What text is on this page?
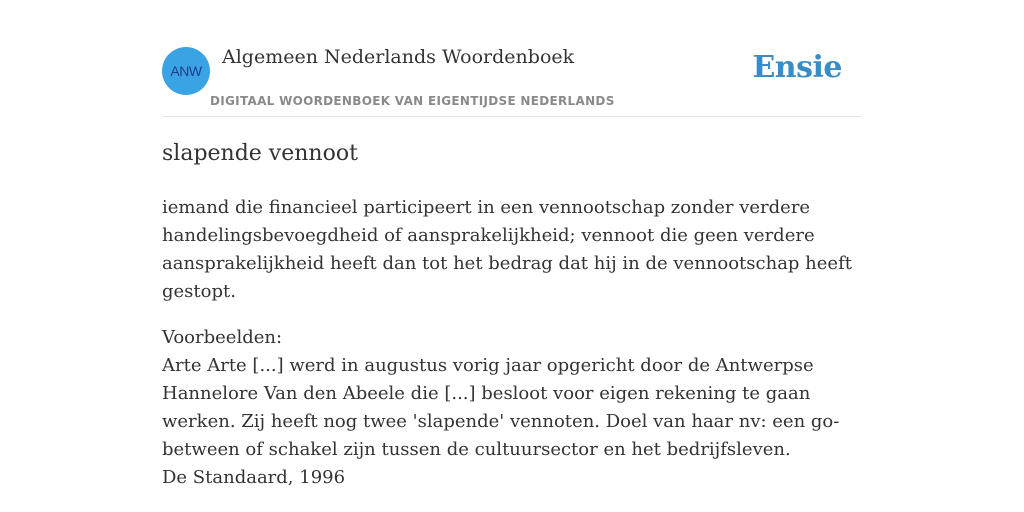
ANW
Algemeen Nederlands Woordenboek
DIGITAAL WOORDENBOEK VAN EIGENTIJDSE NEDERLANDS
Ensie
slapende vennoot

iemand die financieel participeert in een vennootschap zonder verdere handelingsbevoegdheid of aansprakelijkheid; vennoot die geen verdere aansprakelijkheid heeft dan tot het bedrag dat hij in de vennootschap heeft gestopt.

Voorbeelden:
Arte Arte [...] werd in augustus vorig jaar opgericht door de Antwerpse Hannelore Van den Abeele die [...] besloot voor eigen rekening te gaan werken. Zij heeft nog twee 'slapende' vennoten. Doel van haar nv: een go-between of schakel zijn tussen de cultuursector en het bedrijfsleven.
De Standaard, 1996
